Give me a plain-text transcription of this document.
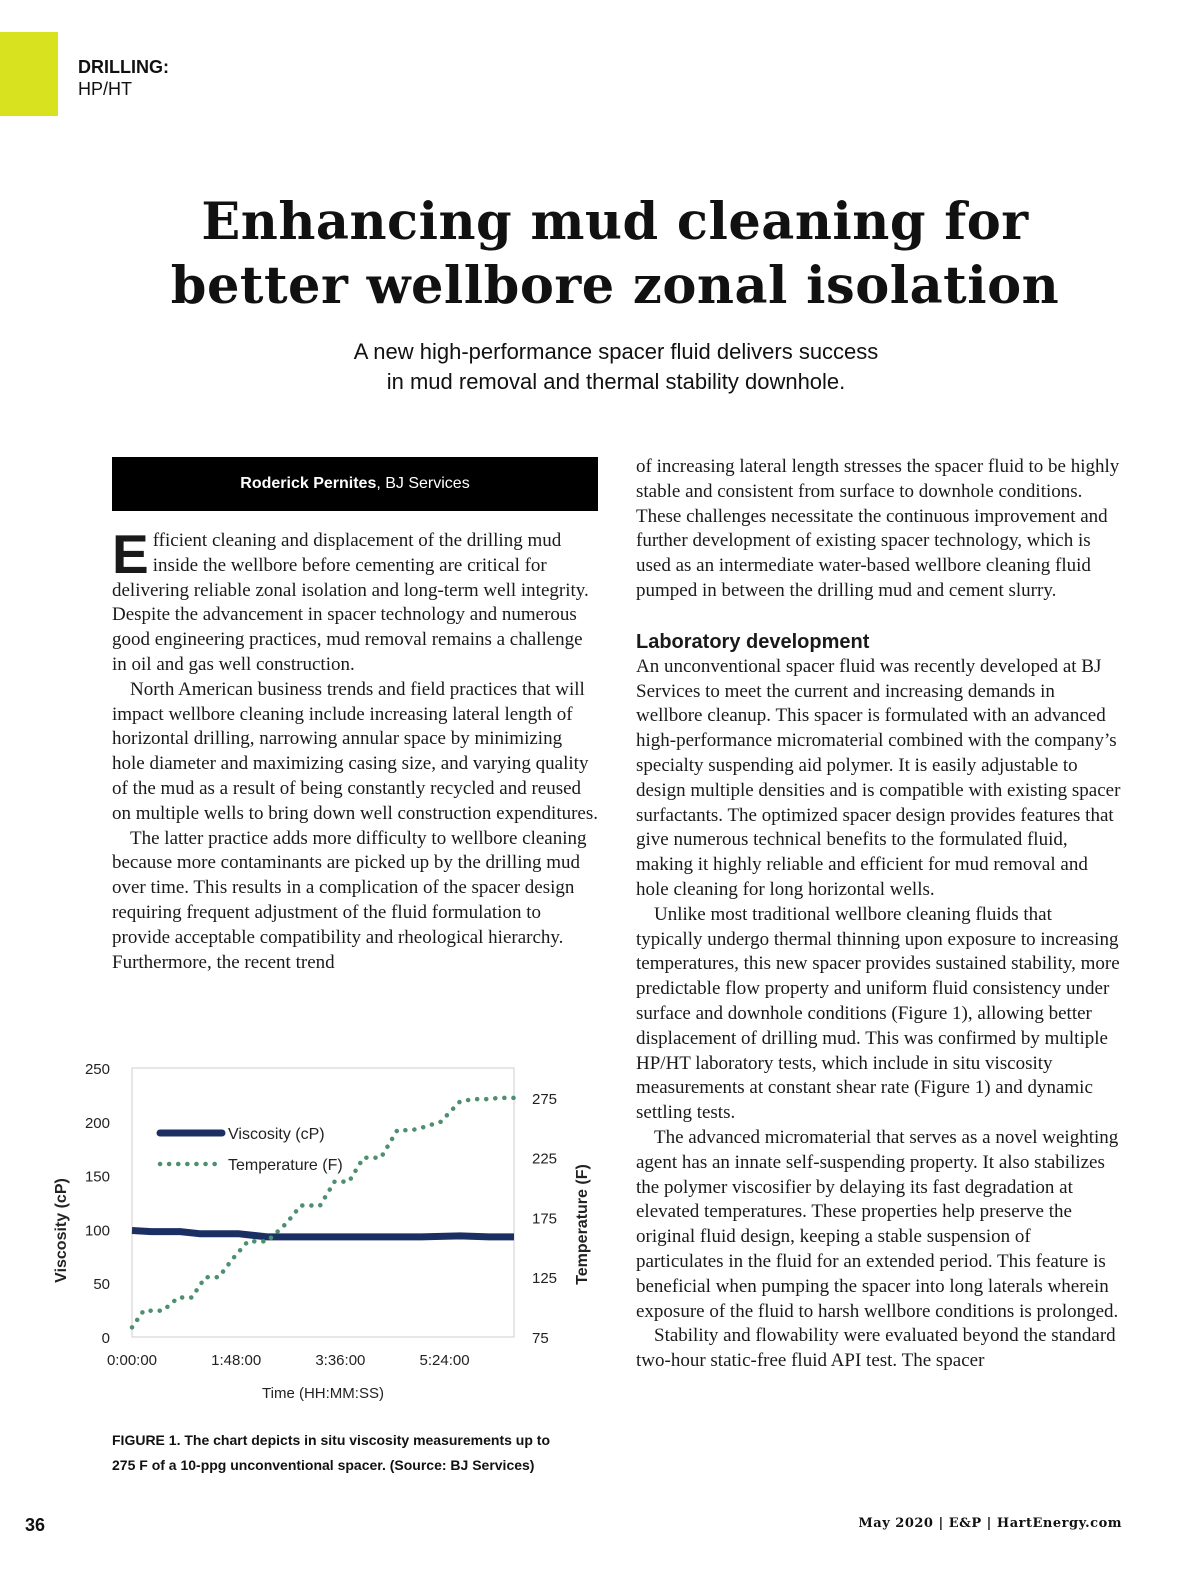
DRILLING:
HP/HT
Enhancing mud cleaning for
better wellbore zonal isolation
A new high-performance spacer fluid delivers success
in mud removal and thermal stability downhole.
Roderick Pernites , BJ Services

Efficient cleaning and displacement of the drilling mud inside the wellbore before cementing are critical for delivering reliable zonal isolation and long-term well integrity. Despite the advancement in spacer technology and numerous good engineering practices, mud removal remains a challenge in oil and gas well construction.

North American business trends and field practices that will impact wellbore cleaning include increasing lateral length of horizontal drilling, narrowing annular space by minimizing hole diameter and maximizing casing size, and varying quality of the mud as a result of being constantly recycled and reused on multiple wells to bring down well construction expenditures.

The latter practice adds more difficulty to wellbore cleaning because more contaminants are picked up by the drilling mud over time. This results in a complication of the spacer design requiring frequent adjustment of the fluid formulation to provide acceptable compatibility and rheological hierarchy. Furthermore, the recent trend

of increasing lateral length stresses the spacer fluid to be highly stable and consistent from surface to downhole conditions. These challenges necessitate the continuous improvement and further development of existing spacer technology, which is used as an intermediate water-based wellbore cleaning fluid pumped in between the drilling mud and cement slurry.

Laboratory development

An unconventional spacer fluid was recently developed at BJ Services to meet the current and increasing demands in wellbore cleanup. This spacer is formulated with an advanced high-performance micromaterial combined with the company’s specialty suspending aid polymer. It is easily adjustable to design multiple densities and is compatible with existing spacer surfactants. The optimized spacer design provides features that give numerous technical benefits to the formulated fluid, making it highly reliable and efficient for mud removal and hole cleaning for long horizontal wells.

Unlike most traditional wellbore cleaning fluids that typically undergo thermal thinning upon exposure to increasing temperatures, this new spacer provides sustained stability, more predictable flow property and uniform fluid consistency under surface and downhole conditions (Figure 1), allowing better displacement of drilling mud. This was confirmed by multiple HP/HT laboratory tests, which include in situ viscosity measurements at constant shear rate (Figure 1) and dynamic settling tests.

The advanced micromaterial that serves as a novel weighting agent has an innate self-suspending property. It also stabilizes the polymer viscosifier by delaying its fast degradation at elevated temperatures. These properties help preserve the original fluid design, keeping a stable suspension of particulates in the fluid for an extended period. This feature is beneficial when pumping the spacer into long laterals wherein exposure of the fluid to harsh wellbore conditions is prolonged.

Stability and flowability were evaluated beyond the standard two-hour static-free fluid API test. The spacer

0
50
100
150
200
250
75
125
175
225
275
0:00:00	1:48:00	3:36:00	5:24:00
Time (HH:MM:SS)
Viscosity (cP)	Temperature (F)
Viscosity (cP)
Temperature (F)
FIGURE 1. The chart depicts in situ viscosity measurements up to
275 F of a 10-ppg unconventional spacer. (Source: BJ Services)
36	May 2020 | E&P | HartEnergy.com
